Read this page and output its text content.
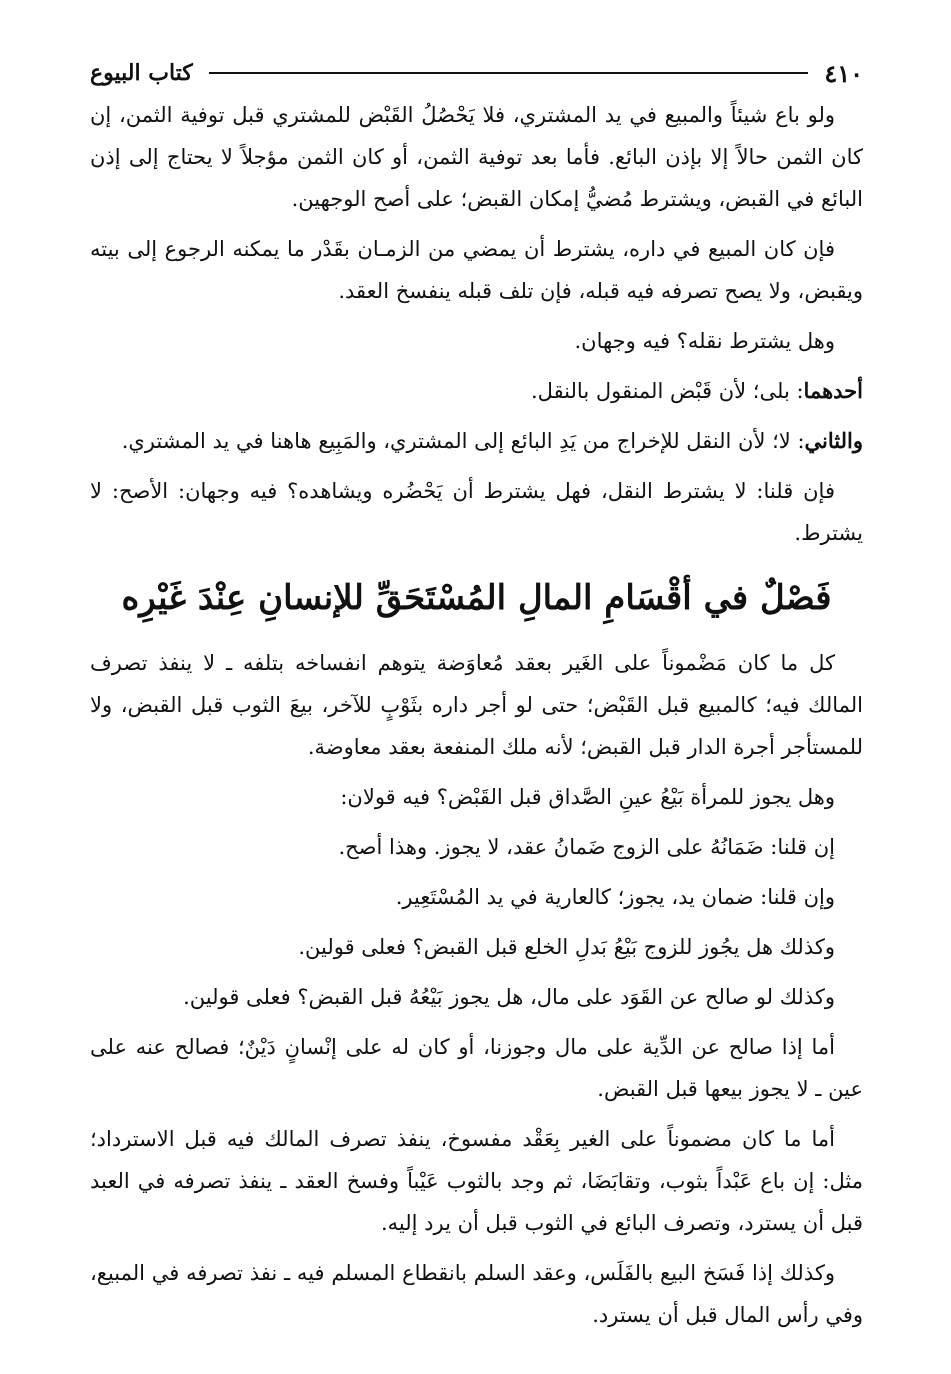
٤١٠
كتاب البيوع

ولو باع شيئاً والمبيع في يد المشتري، فلا يَحْصُلُ القَبْض للمشتري قبل توفية الثمن، إن كان الثمن حالاً إلا بإذن البائع. فأما بعد توفية الثمن، أو كان الثمن مؤجلاً لا يحتاج إلى إذن البائع في القبض، ويشترط مُضيُّ إمكان القبض؛ على أصح الوجهين.

فإن كان المبيع في داره، يشترط أن يمضي من الزمـان بقَدْر ما يمكنه الرجوع إلى بيته ويقبض، ولا يصح تصرفه فيه قبله، فإن تلف قبله ينفسخ العقد.

وهل يشترط نقله؟ فيه وجهان.

أحدهما: بلى؛ لأن قَبْض المنقول بالنقل.

والثاني: لا؛ لأن النقل للإخراج من يَدِ البائع إلى المشتري، والمَبِيع هاهنا في يد المشتري.

فإن قلنا: لا يشترط النقل، فهل يشترط أن يَحْضُره ويشاهده؟ فيه وجهان: الأصح: لا يشترط.

فَصْلٌ في أقْسَامِ المالِ المُسْتَحَقِّ للإنسانِ عِنْدَ غَيْرِه

كل ما كان مَضْموناً على الغَير بعقد مُعاوَضة يتوهم انفساخه بتلفه ـ لا ينفذ تصرف المالك فيه؛ كالمبيع قبل القَبْض؛ حتى لو أجر داره بثَوْبٍ للآخر، بيعَ الثوب قبل القبض، ولا للمستأجر أجرة الدار قبل القبض؛ لأنه ملك المنفعة بعقد معاوضة.

وهل يجوز للمرأة بَيْعُ عينِ الصَّداق قبل القَبْض؟ فيه قولان:

إن قلنا: ضَمَانُهُ على الزوج ضَمانُ عقد، لا يجوز. وهذا أصح.

وإن قلنا: ضمان يد، يجوز؛ كالعارية في يد المُسْتَعِير.

وكذلك هل يجُوز للزوج بَيْعُ بَدلِ الخلع قبل القبض؟ فعلى قولين.

وكذلك لو صالح عن القَوَد على مال، هل يجوز بَيْعُهُ قبل القبض؟ فعلى قولين.

أما إذا صالح عن الدِّية على مال وجوزنا، أو كان له على إنْسانٍ دَيْنٌ؛ فصالح عنه على عين ـ لا يجوز بيعها قبل القبض.

أما ما كان مضموناً على الغير بِعَقْد مفسوخ، ينفذ تصرف المالك فيه قبل الاسترداد؛ مثل: إن باع عَبْداً بثوب، وتقابَضَا، ثم وجد بالثوب عَيْباً وفسخ العقد ـ ينفذ تصرفه في العبد قبل أن يسترد، وتصرف البائع في الثوب قبل أن يرد إليه.

وكذلك إذا فَسَخ البيع بالفَلَس، وعقد السلم بانقطاع المسلم فيه ـ نفذ تصرفه في المبيع، وفي رأس المال قبل أن يسترد.
